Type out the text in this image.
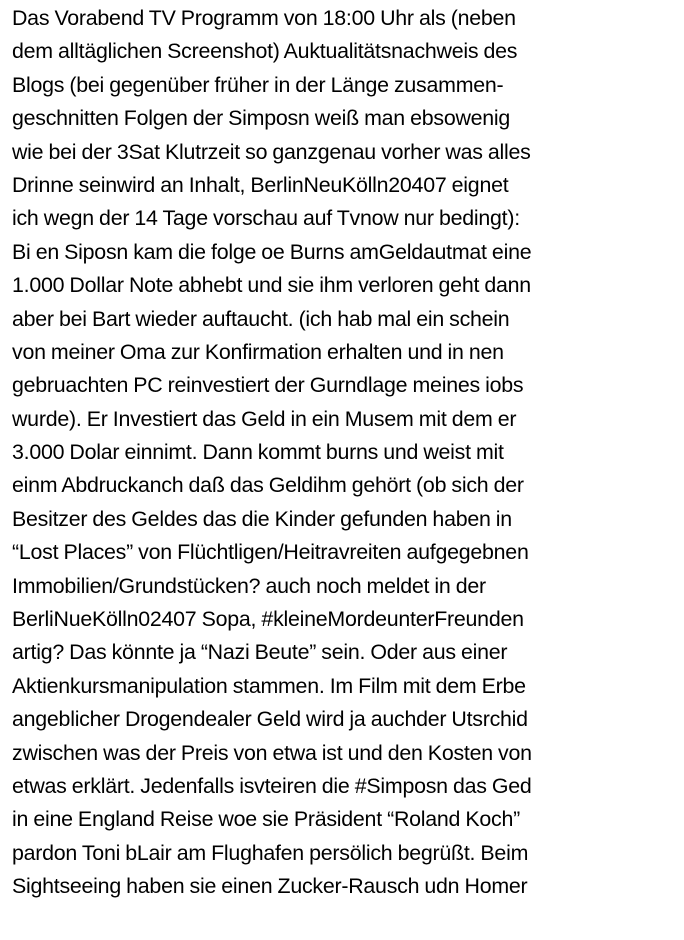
Das Vorabend TV Programm von 18:00 Uhr als (neben
dem alltäglichen Screenshot) Auktualitätsnachweis des
Blogs (bei gegenüber früher in der Länge zusammen-
geschnitten Folgen der Simposn weiß man ebsowenig
wie bei der 3Sat Klutrzeit so ganzgenau vorher was alles
Drinne seinwird an Inhalt, BerlinNeuKölln20407 eignet
ich wegn der 14 Tage vorschau auf Tvnow nur bedingt):
Bi en Siposn kam die folge oe Burns amGeldautmat eine
1.000 Dollar Note abhebt und sie ihm verloren geht dann
aber bei Bart wieder auftaucht. (ich hab mal ein schein
von meiner Oma zur Konfirmation erhalten und in nen
gebruachten PC reinvestiert der Gurndlage meines iobs
wurde). Er Investiert das Geld in ein Musem mit dem er
3.000 Dolar einnimt. Dann kommt burns und weist mit
einm Abdruckanch daß das Geldihm gehört (ob sich der
Besitzer des Geldes das die Kinder gefunden haben in
“Lost Places” von Flüchtligen/Heitravreiten aufgegebnen
Immobilien/Grundstücken? auch noch meldet in der
BerliNueKölln02407 Sopa, #kleineMordeunterFreunden
artig? Das könnte ja “Nazi Beute” sein. Oder aus einer
Aktienkursmanipulation stammen. Im Film mit dem Erbe
angeblicher Drogendealer Geld wird ja auchder Utsrchid
zwischen was der Preis von etwa ist und den Kosten von
etwas erklärt. Jedenfalls isvteiren die #Simposn das Ged
in eine England Reise woe sie Präsident “Roland Koch”
pardon Toni bLair am Flughafen persölich begrüßt. Beim
Sightseeing haben sie einen Zucker-Rausch udn Homer
